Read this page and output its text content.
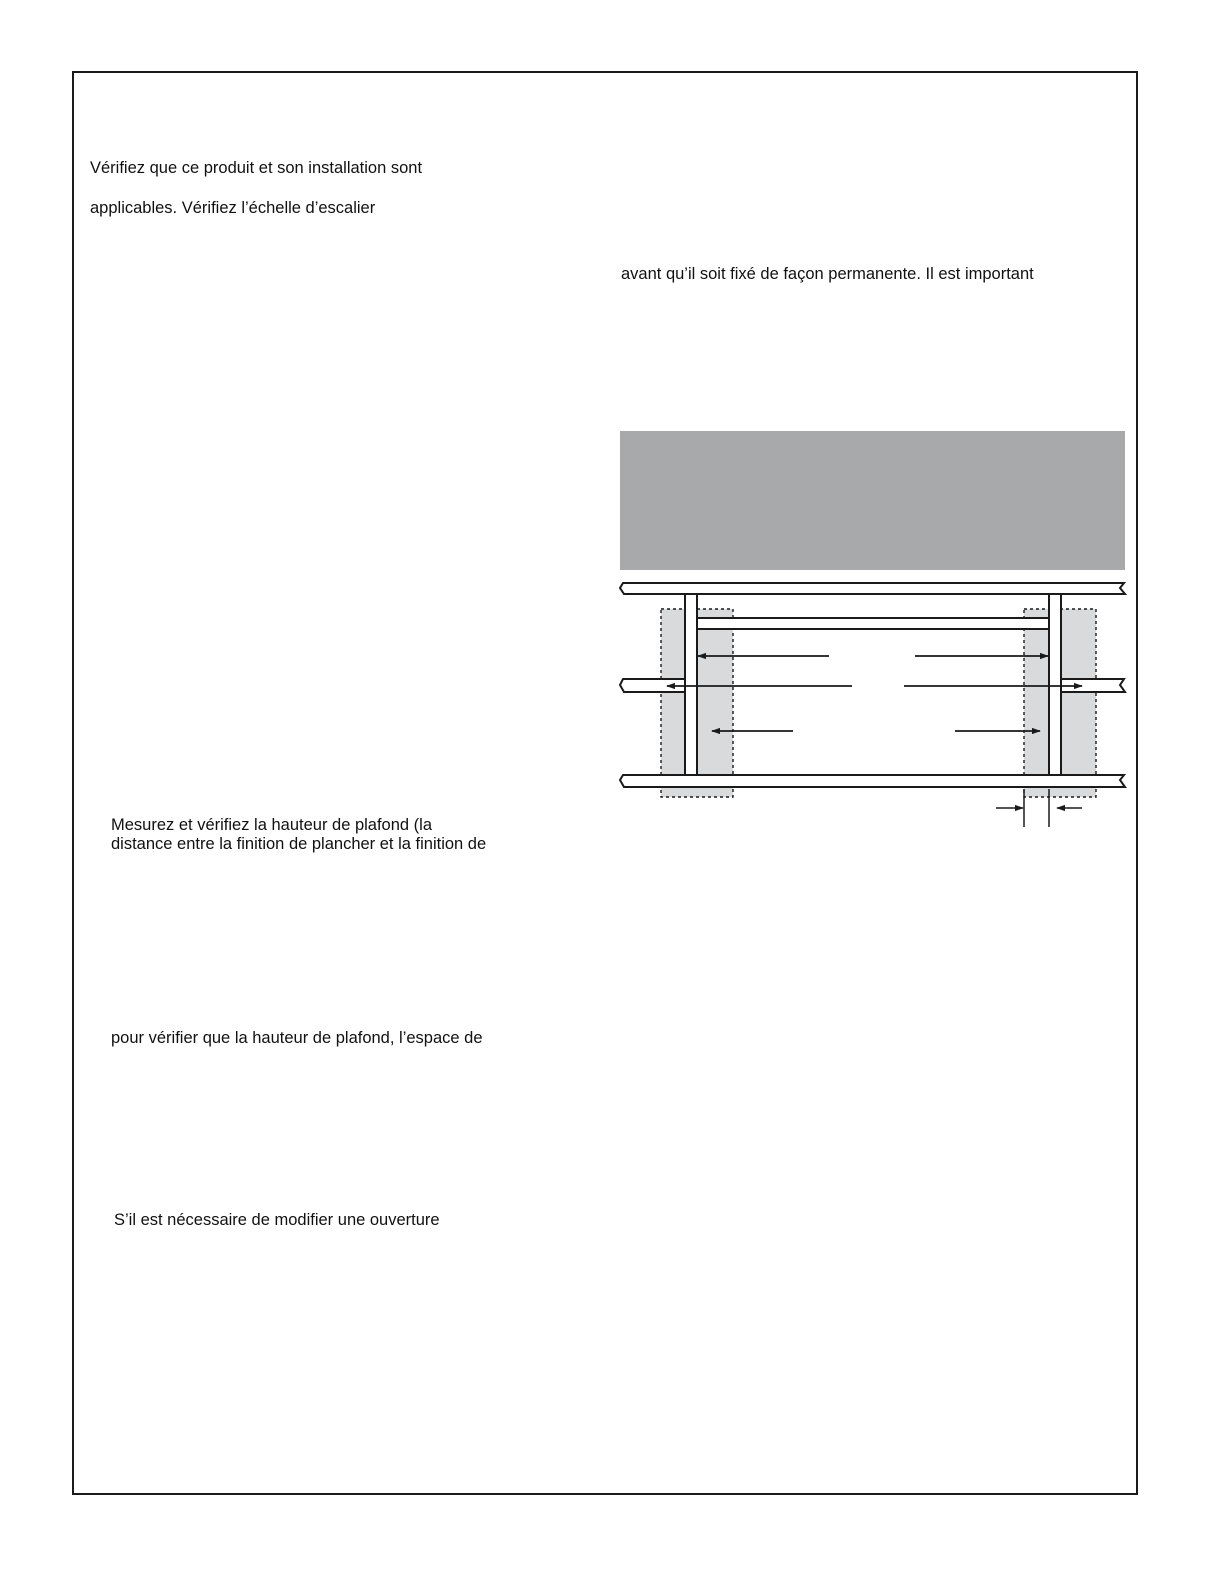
Vérifiez que ce produit et son installation sont

applicables. Vérifiez l’échelle d’escalier

avant qu’il soit fixé de façon permanente. Il est important

Mesurez et vérifiez la hauteur de plafond (la

distance entre la finition de plancher et la finition de

pour vérifier que la hauteur de plafond, l’espace de

S’il est nécessaire de modifier une ouverture
